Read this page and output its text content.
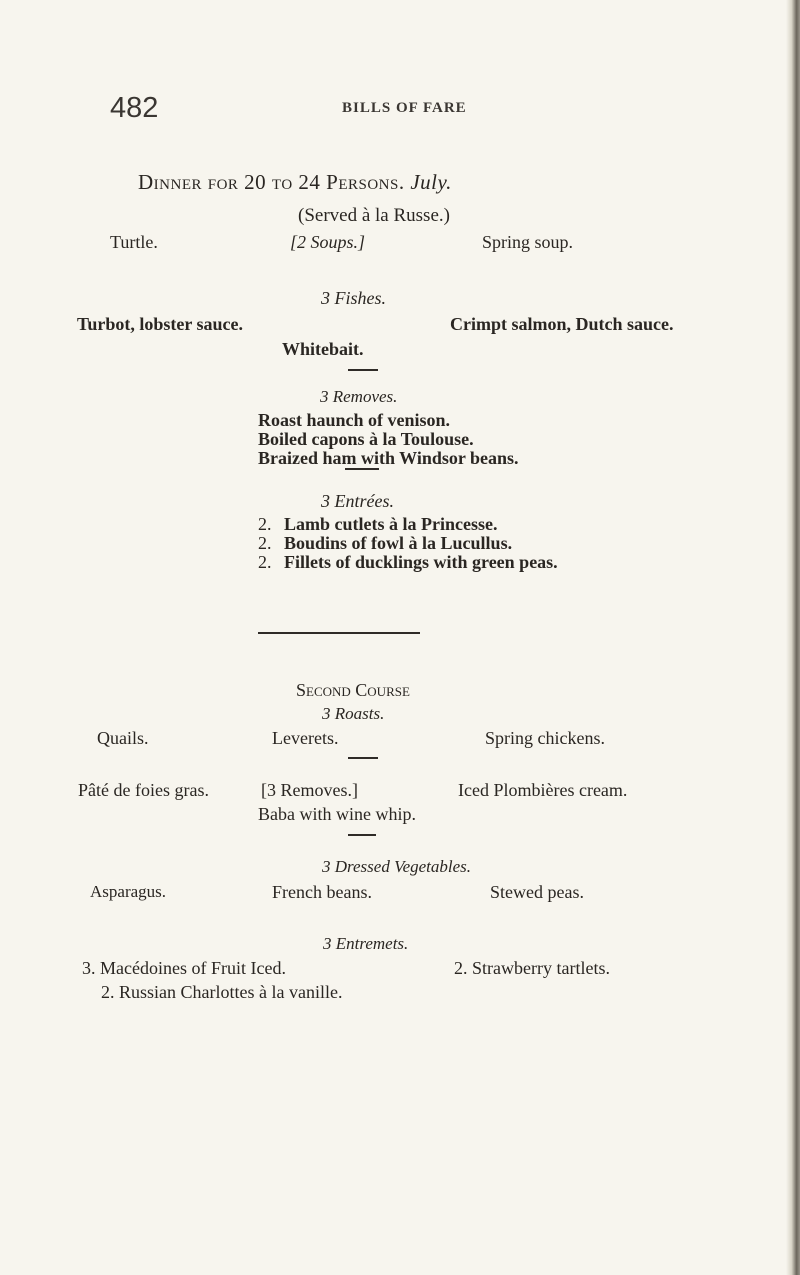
482	BILLS OF FARE
Dinner for 20 to 24 Persons. July.
(Served à la Russe.)
Turtle.	[2 Soups.]	Spring soup.
3 Fishes.
Turbot, lobster sauce.	Crimpt salmon, Dutch sauce.
Whitebait.
3 Removes.
Roast haunch of venison.
Boiled capons à la Toulouse.
Braized ham with Windsor beans.
3 Entrées.
2. Lamb cutlets à la Princesse.
2. Boudins of fowl à la Lucullus.
2. Fillets of ducklings with green peas.
Second Course
3 Roasts.
Quails.	Leverets.	Spring chickens.
Pâté de foies gras.	[3 Removes.]	Iced Plombières cream.
Baba with wine whip.
3 Dressed Vegetables.
Asparagus.	French beans.	Stewed peas.
3 Entremets.
3. Macédoines of Fruit Iced.	2. Strawberry tartlets.
2. Russian Charlottes à la vanille.
